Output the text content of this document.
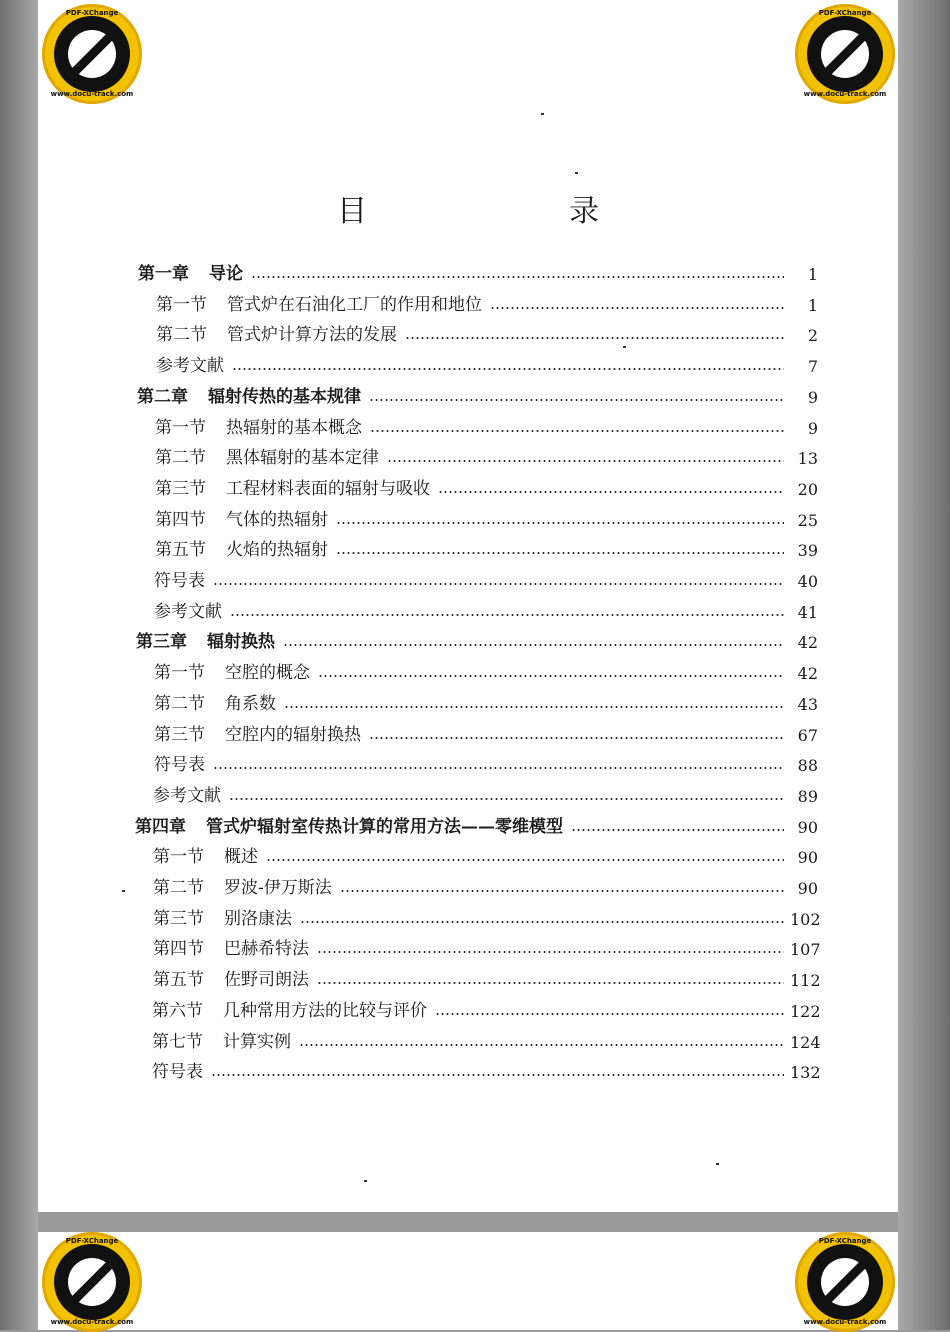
目　录
第一章 导论	1
第一节 管式炉在石油化工厂的作用和地位	1
第二节 管式炉计算方法的发展	2
参考文献	7
第二章 辐射传热的基本规律	9
第一节 热辐射的基本概念	9
第二节 黑体辐射的基本定律	13
第三节 工程材料表面的辐射与吸收	20
第四节 气体的热辐射	25
第五节 火焰的热辐射	39
符号表	40
参考文献	41
第三章 辐射换热	42
第一节 空腔的概念	42
第二节 角系数	43
第三节 空腔内的辐射换热	67
符号表	88
参考文献	89
第四章 管式炉辐射室传热计算的常用方法——零维模型	90
第一节 概述	90
第二节 罗波-伊万斯法	90
第三节 别洛康法	102
第四节 巴赫希特法	107
第五节 佐野司朗法	112
第六节 几种常用方法的比较与评价	122
第七节 计算实例	124
符号表	132
PDF-XChange
www.docu-track.com
PDF-XChange
www.docu-track.com
PDF-XChange
www.docu-track.com
PDF-XChange
www.docu-track.com
